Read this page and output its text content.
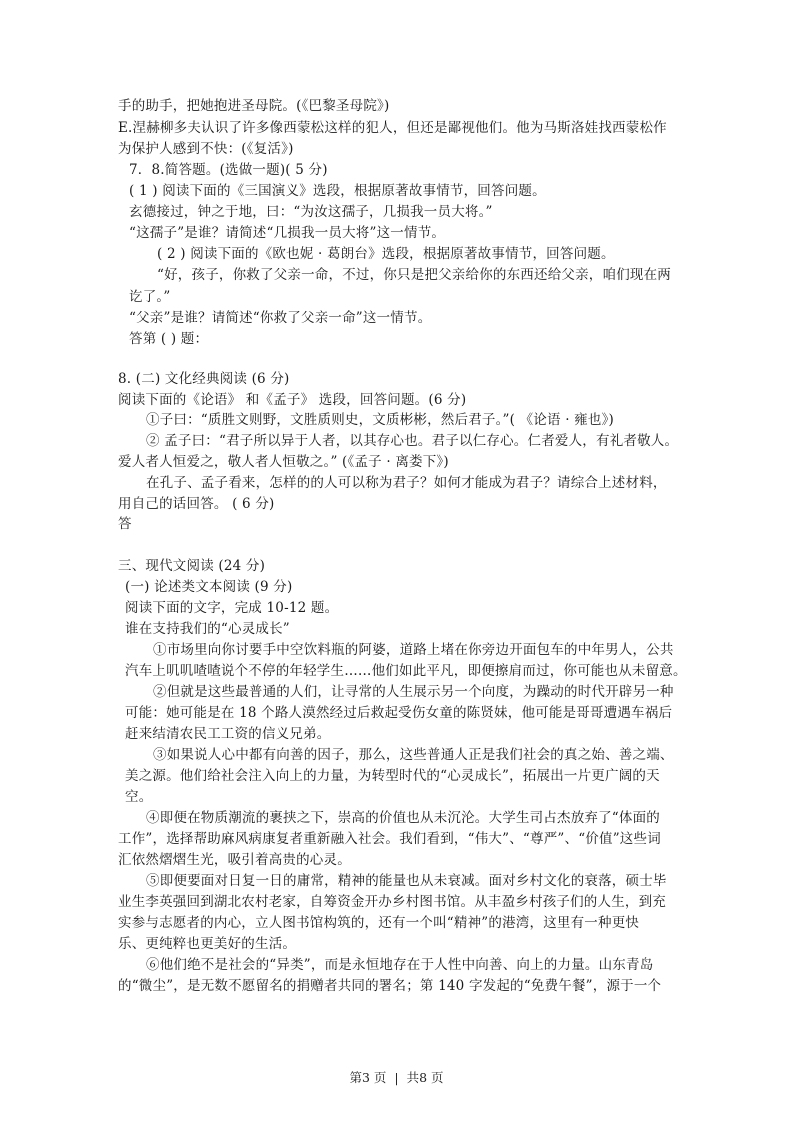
手的助手，把她抱进圣母院。(《巴黎圣母院》)
E.涅赫柳多夫认识了许多像西蒙松这样的犯人，但还是鄙视他们。他为马斯洛娃找西蒙松作
为保护人感到不快：(《复活》)
7．8.简答题。(选做一题)( 5 分)
( 1 ) 阅读下面的《三国演义》选段，根据原著故事情节，回答问题。
玄德接过，钟之于地，曰：“为汝这孺子，几损我一员大将。”
“这孺子”是谁？请简述“几损我一员大将”这一情节。
( 2 ) 阅读下面的《欧也妮 · 葛朗台》选段，根据原著故事情节，回答问题。
“好，孩子，你救了父亲一命，不过，你只是把父亲给你的东西还给父亲，咱们现在两
讫了。”
“父亲”是谁？请简述“你救了父亲一命”这一情节。
答第 ( ) 题：
8. (二) 文化经典阅读 (6 分)
阅读下面的《论语》 和《孟子》 选段，回答问题。(6 分)
①子曰：“质胜文则野，文胜质则史，文质彬彬，然后君子。”( 《论语 · 雍也》)
② 孟子曰：“君子所以异于人者，以其存心也。君子以仁存心。仁者爱人，有礼者敬人。
爱人者人恒爱之，敬人者人恒敬之。” (《孟子 · 离娄下》)
在孔子、孟子看来，怎样的的人可以称为君子？如何才能成为君子？请综合上述材料，
用自己的话回答。 ( 6 分)
答
三、现代文阅读 (24 分)
(一) 论述类文本阅读 (9 分)
阅读下面的文字，完成 10-12 题。
谁在支持我们的“心灵成长”
①市场里向你讨要手中空饮料瓶的阿婆，道路上堵在你旁边开面包车的中年男人，公共
汽车上叽叽喳喳说个不停的年轻学生……他们如此平凡，即便擦肩而过，你可能也从未留意。
②但就是这些最普通的人们，让寻常的人生展示另一个向度，为躁动的时代开辟另一种
可能：她可能是在 18 个路人漠然经过后救起受伤女童的陈贤妹，他可能是哥哥遭遇车祸后
赶来结清农民工工资的信义兄弟。
③如果说人心中都有向善的因子，那么，这些普通人正是我们社会的真之始、善之端、
美之源。他们给社会注入向上的力量，为转型时代的“心灵成长”，拓展出一片更广阔的天
空。
④即便在物质潮流的裹挟之下，崇高的价值也从未沉沦。大学生司占杰放弃了“体面的
工作”，选择帮助麻风病康复者重新融入社会。我们看到，“伟大”、“尊严”、“价值”这些词
汇依然熠熠生光，吸引着高贵的心灵。
⑤即便要面对日复一日的庸常，精神的能量也从未衰减。面对乡村文化的衰落，硕士毕
业生李英强回到湖北农村老家，自筹资金开办乡村图书馆。从丰盈乡村孩子们的人生，到充
实参与志愿者的内心，立人图书馆构筑的，还有一个叫“精神”的港湾，这里有一种更快
乐、更纯粹也更美好的生活。
⑥他们绝不是社会的“异类”，而是永恒地存在于人性中向善、向上的力量。山东青岛
的“微尘”，是无数不愿留名的捐赠者共同的署名；第 140 字发起的“免费午餐”，源于一个
第3 页 | 共8 页
